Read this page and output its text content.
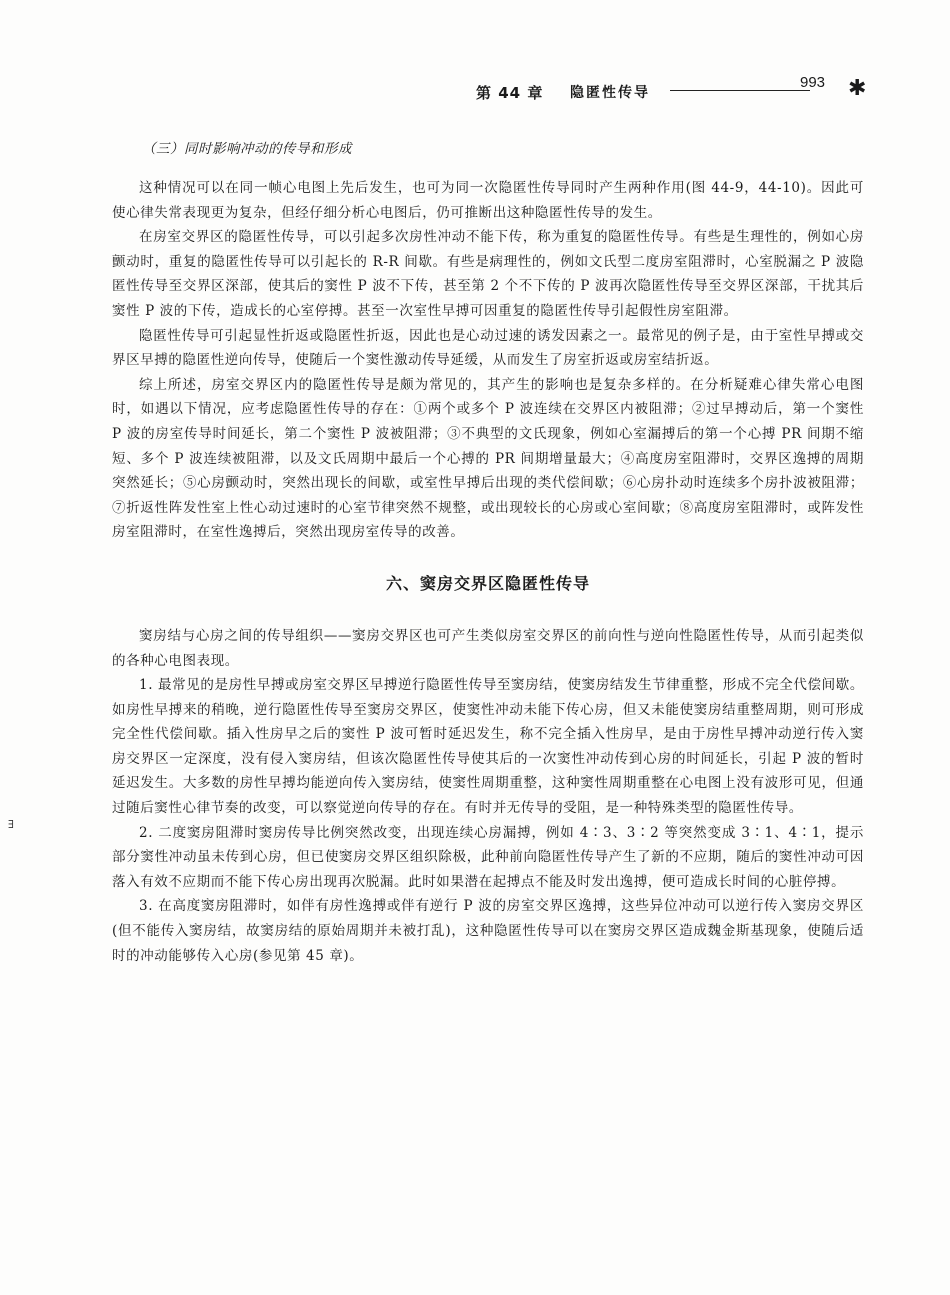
第 44 章 隐匿性传导
993 ✱
∃
（三）同时影响冲动的传导和形成

这种情况可以在同一帧心电图上先后发生，也可为同一次隐匿性传导同时产生两种作用(图 44-9，44-10)。因此可使心律失常表现更为复杂，但经仔细分析心电图后，仍可推断出这种隐匿性传导的发生。

在房室交界区的隐匿性传导，可以引起多次房性冲动不能下传，称为重复的隐匿性传导。有些是生理性的，例如心房颤动时，重复的隐匿性传导可以引起长的 R-R 间歇。有些是病理性的，例如文氏型二度房室阻滞时，心室脱漏之 P 波隐匿性传导至交界区深部，使其后的窦性 P 波不下传，甚至第 2 个不下传的 P 波再次隐匿性传导至交界区深部，干扰其后窦性 P 波的下传，造成长的心室停搏。甚至一次室性早搏可因重复的隐匿性传导引起假性房室阻滞。

隐匿性传导可引起显性折返或隐匿性折返，因此也是心动过速的诱发因素之一。最常见的例子是，由于室性早搏或交界区早搏的隐匿性逆向传导，使随后一个窦性激动传导延缓，从而发生了房室折返或房室结折返。

综上所述，房室交界区内的隐匿性传导是颇为常见的，其产生的影响也是复杂多样的。在分析疑难心律失常心电图时，如遇以下情况，应考虑隐匿性传导的存在：①两个或多个 P 波连续在交界区内被阻滞；②过早搏动后，第一个窦性 P 波的房室传导时间延长，第二个窦性 P 波被阻滞；③不典型的文氏现象，例如心室漏搏后的第一个心搏 PR 间期不缩短、多个 P 波连续被阻滞，以及文氏周期中最后一个心搏的 PR 间期增量最大；④高度房室阻滞时，交界区逸搏的周期突然延长；⑤心房颤动时，突然出现长的间歇，或室性早搏后出现的类代偿间歇；⑥心房扑动时连续多个房扑波被阻滞；⑦折返性阵发性室上性心动过速时的心室节律突然不规整，或出现较长的心房或心室间歇；⑧高度房室阻滞时，或阵发性房室阻滞时，在室性逸搏后，突然出现房室传导的改善。

六、窦房交界区隐匿性传导

窦房结与心房之间的传导组织——窦房交界区也可产生类似房室交界区的前向性与逆向性隐匿性传导，从而引起类似的各种心电图表现。

1. 最常见的是房性早搏或房室交界区早搏逆行隐匿性传导至窦房结，使窦房结发生节律重整，形成不完全代偿间歇。如房性早搏来的稍晚，逆行隐匿性传导至窦房交界区，使窦性冲动未能下传心房，但又未能使窦房结重整周期，则可形成完全性代偿间歇。插入性房早之后的窦性 P 波可暂时延迟发生，称不完全插入性房早，是由于房性早搏冲动逆行传入窦房交界区一定深度，没有侵入窦房结，但该次隐匿性传导使其后的一次窦性冲动传到心房的时间延长，引起 P 波的暂时延迟发生。大多数的房性早搏均能逆向传入窦房结，使窦性周期重整，这种窦性周期重整在心电图上没有波形可见，但通过随后窦性心律节奏的改变，可以察觉逆向传导的存在。有时并无传导的受阻，是一种特殊类型的隐匿性传导。

2. 二度窦房阻滞时窦房传导比例突然改变，出现连续心房漏搏，例如 4∶3、3∶2 等突然变成 3∶1、4∶1，提示部分窦性冲动虽未传到心房，但已使窦房交界区组织除极，此种前向隐匿性传导产生了新的不应期，随后的窦性冲动可因落入有效不应期而不能下传心房出现再次脱漏。此时如果潜在起搏点不能及时发出逸搏，便可造成长时间的心脏停搏。

3. 在高度窦房阻滞时，如伴有房性逸搏或伴有逆行 P 波的房室交界区逸搏，这些异位冲动可以逆行传入窦房交界区(但不能传入窦房结，故窦房结的原始周期并未被打乱)，这种隐匿性传导可以在窦房交界区造成魏金斯基现象，使随后适时的冲动能够传入心房(参见第 45 章)。
